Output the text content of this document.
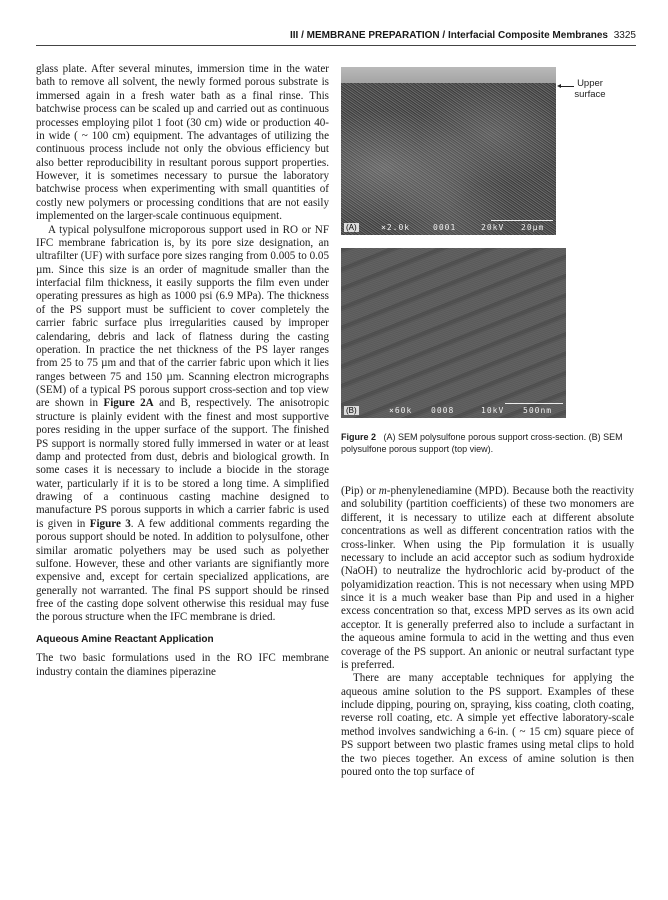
III / MEMBRANE PREPARATION / Interfacial Composite Membranes 3325

glass plate. After several minutes, immersion time in the water bath to remove all solvent, the newly formed porous substrate is immersed again in a fresh water bath as a final rinse. This batchwise process can be scaled up and carried out as continuous processes employing pilot 1 foot (30 cm) wide or production 40-in wide ( ~ 100 cm) equipment. The advantages of utilizing the continuous process include not only the obvious efficiency but also better reproducibility in resultant porous support properties. However, it is sometimes necessary to pursue the laboratory batchwise process when experimenting with small quantities of costly new polymers or processing conditions that are not easily implemented on the larger-scale continuous equipment.

A typical polysulfone microporous support used in RO or NF IFC membrane fabrication is, by its pore size designation, an ultrafilter (UF) with surface pore sizes ranging from 0.005 to 0.05 µm. Since this size is an order of magnitude smaller than the interfacial film thickness, it easily supports the film even under operating pressures as high as 1000 psi (6.9 MPa). The thickness of the PS support must be sufficient to cover completely the carrier fabric surface plus irregularities caused by improper calendaring, debris and lack of flatness during the casting operation. In practice the net thickness of the PS layer ranges from 25 to 75 µm and that of the carrier fabric upon which it lies ranges between 75 and 150 µm. Scanning electron micrographs (SEM) of a typical PS porous support cross-section and top view are shown in Figure 2A and B, respectively. The anisotropic structure is plainly evident with the finest and most supportive pores residing in the upper surface of the support. The finished PS support is normally stored fully immersed in water or at least damp and protected from dust, debris and biological growth. In some cases it is necessary to include a biocide in the storage water, particularly if it is to be stored a long time. A simplified drawing of a continuous casting machine designed to manufacture PS porous supports in which a carrier fabric is used is given in Figure 3. A few additional comments regarding the porous support should be noted. In addition to polysulfone, other similar aromatic polyethers may be used such as polyether sulfone. However, these and other variants are signifiantly more expensive and, except for certain specialized applications, are generally not warranted. The final PS support should be rinsed free of the casting dope solvent otherwise this residual may fuse the porous structure when the IFC membrane is dried.

Aqueous Amine Reactant Application

The two basic formulations used in the RO IFC membrane industry contain the diamines piperazine

(A)	×2.0k	0001	20kV 20µm
Upper surface
(B)	×60k 0008	10kV 500nm
Figure 2 (A) SEM polysulfone porous support cross-section. (B) SEM polysulfone porous support (top view).

(Pip) or m-phenylenediamine (MPD). Because both the reactivity and solubility (partition coefficients) of these two monomers are different, it is necessary to utilize each at different absolute concentrations as well as different concentration ratios with the cross-linker. When using the Pip formulation it is usually necessary to include an acid acceptor such as sodium hydroxide (NaOH) to neutralize the hydrochloric acid by-product of the polyamidization reaction. This is not necessary when using MPD since it is a much weaker base than Pip and used in a higher excess concentration so that, excess MPD serves as its own acid acceptor. It is generally preferred also to include a surfactant in the aqueous amine formula to acid in the wetting and thus even coverage of the PS support. An anionic or neutral surfactant type is preferred.

There are many acceptable techniques for applying the aqueous amine solution to the PS support. Examples of these include dipping, pouring on, spraying, kiss coating, cloth coating, reverse roll coating, etc. A simple yet effective laboratory-scale method involves sandwiching a 6-in. ( ~ 15 cm) square piece of PS support between two plastic frames using metal clips to hold the two pieces together. An excess of amine solution is then poured onto the top surface of
